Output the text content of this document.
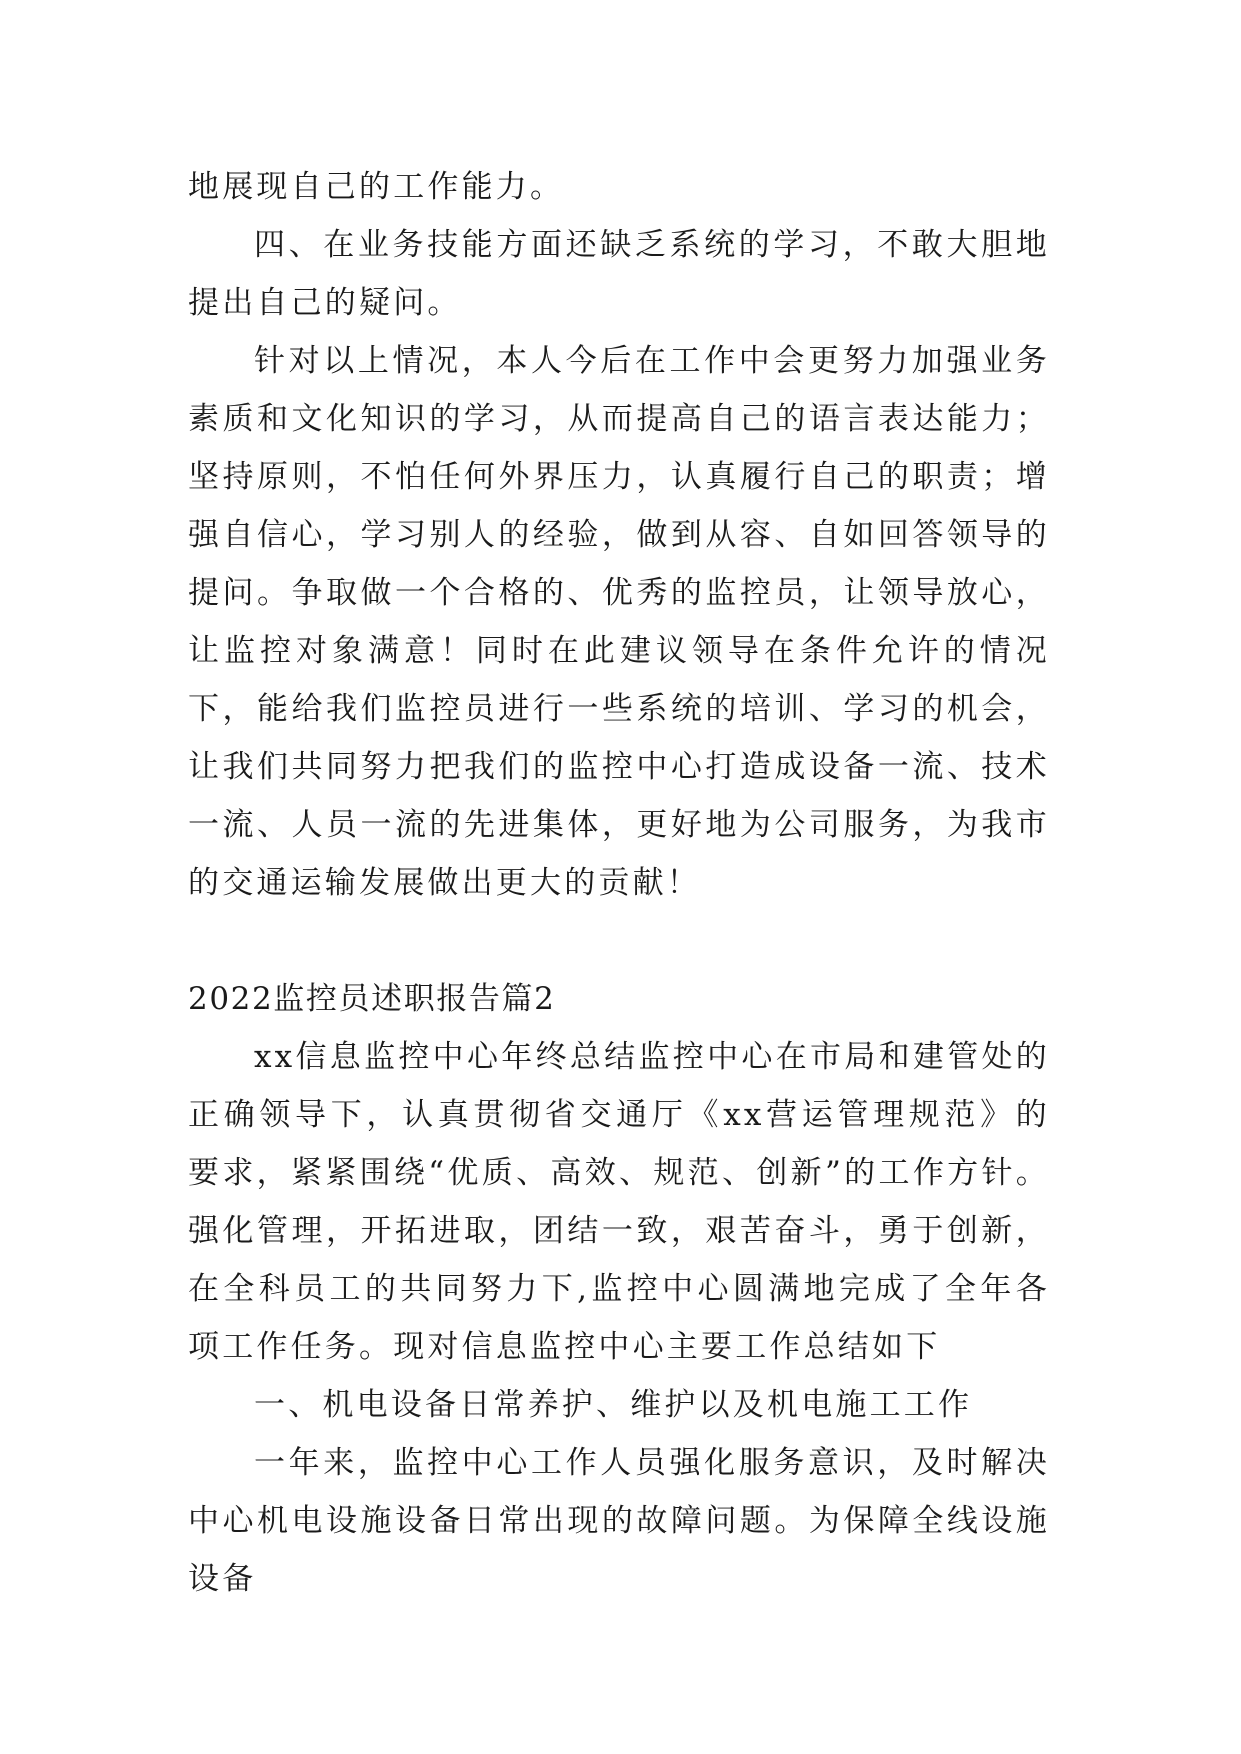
地展现自己的工作能力。

四、在业务技能方面还缺乏系统的学习，不敢大胆地提出自己的疑问。

针对以上情况，本人今后在工作中会更努力加强业务素质和文化知识的学习，从而提高自己的语言表达能力；坚持原则，不怕任何外界压力，认真履行自己的职责；增强自信心，学习别人的经验，做到从容、自如回答领导的提问。争取做一个合格的、优秀的监控员，让领导放心，让监控对象满意！同时在此建议领导在条件允许的情况下，能给我们监控员进行一些系统的培训、学习的机会，让我们共同努力把我们的监控中心打造成设备一流、技术一流、人员一流的先进集体，更好地为公司服务，为我市的交通运输发展做出更大的贡献！

2022监控员述职报告篇2

xx信息监控中心年终总结监控中心在市局和建管处的正确领导下，认真贯彻省交通厅《xx营运管理规范》的要求，紧紧围绕“优质、高效、规范、创新”的工作方针。强化管理，开拓进取，团结一致，艰苦奋斗，勇于创新，在全科员工的共同努力下,监控中心圆满地完成了全年各项工作任务。现对信息监控中心主要工作总结如下

一、机电设备日常养护、维护以及机电施工工作

一年来，监控中心工作人员强化服务意识，及时解决中心机电设施设备日常出现的故障问题。为保障全线设施设备
